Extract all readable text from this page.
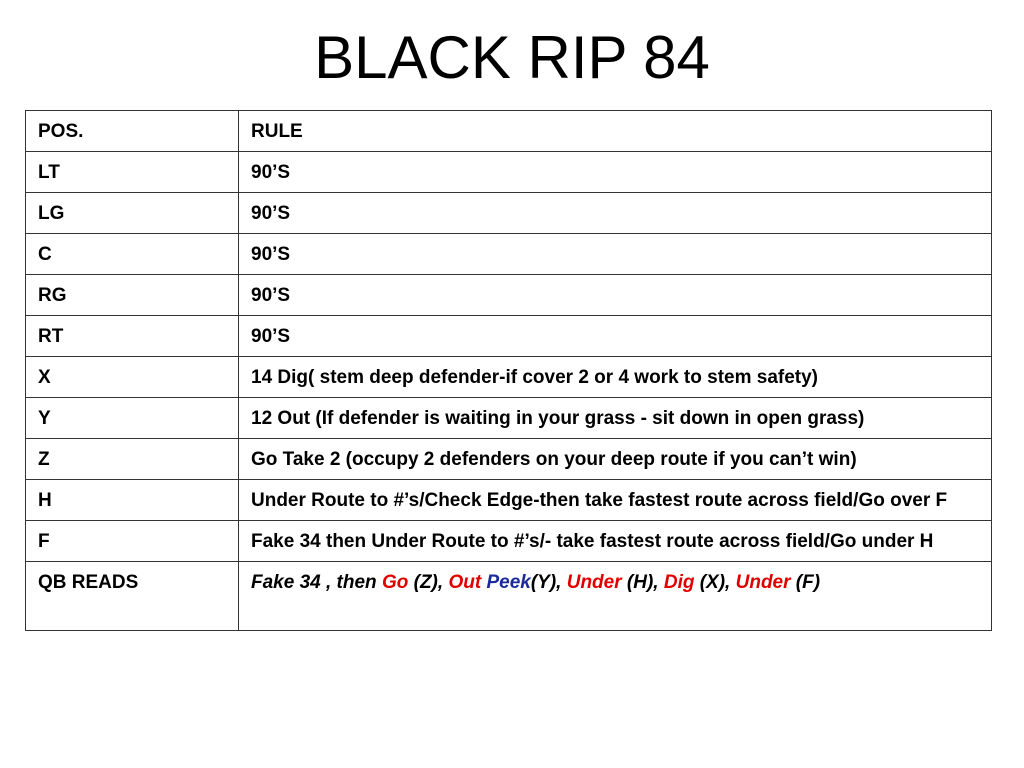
BLACK RIP 84
POS.	RULE
LT	90’S
LG	90’S
C	90’S
RG	90’S
RT	90’S
X	14 Dig( stem deep defender-if cover 2 or 4 work to stem safety)
Y	12 Out (If defender is waiting in your grass - sit down in open grass)
Z	Go Take 2 (occupy 2 defenders on your deep route if you can’t win)
H	Under Route to #’s/Check Edge-then take fastest route across field/Go over F
F	Fake 34 then Under Route to #’s/- take fastest route across field/Go under H
QB READS	Fake 34 , then Go (Z), Out Peek(Y), Under (H), Dig (X), Under (F)
